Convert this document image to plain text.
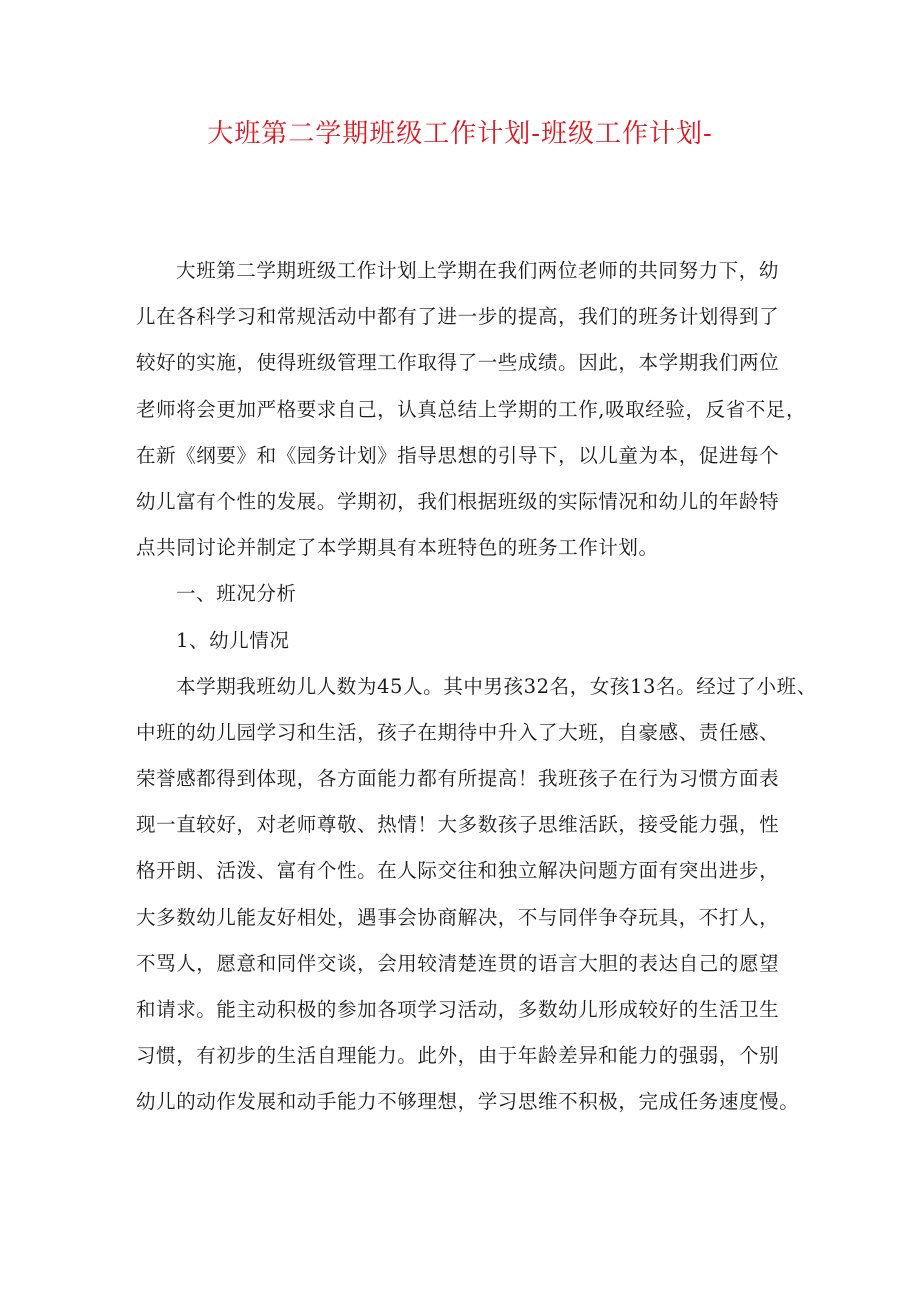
大班第二学期班级工作计划-班级工作计划-
大班第二学期班级工作计划上学期在我们两位老师的共同努力下，幼
儿在各科学习和常规活动中都有了进一步的提高，我们的班务计划得到了
较好的实施，使得班级管理工作取得了一些成绩。因此，本学期我们两位
老师将会更加严格要求自己，认真总结上学期的工作,吸取经验，反省不足，
在新《纲要》和《园务计划》指导思想的引导下，以儿童为本，促进每个
幼儿富有个性的发展。学期初，我们根据班级的实际情况和幼儿的年龄特
点共同讨论并制定了本学期具有本班特色的班务工作计划。
一、班况分析
1、幼儿情况
本学期我班幼儿人数为45人。其中男孩32名，女孩13名。经过了小班、
中班的幼儿园学习和生活，孩子在期待中升入了大班，自豪感、责任感、
荣誉感都得到体现，各方面能力都有所提高！我班孩子在行为习惯方面表
现一直较好，对老师尊敬、热情！大多数孩子思维活跃，接受能力强，性
格开朗、活泼、富有个性。在人际交往和独立解决问题方面有突出进步，
大多数幼儿能友好相处，遇事会协商解决，不与同伴争夺玩具，不打人，
不骂人，愿意和同伴交谈，会用较清楚连贯的语言大胆的表达自己的愿望
和请求。能主动积极的参加各项学习活动，多数幼儿形成较好的生活卫生
习惯，有初步的生活自理能力。此外，由于年龄差异和能力的强弱，个别
幼儿的动作发展和动手能力不够理想，学习思维不积极，完成任务速度慢。
